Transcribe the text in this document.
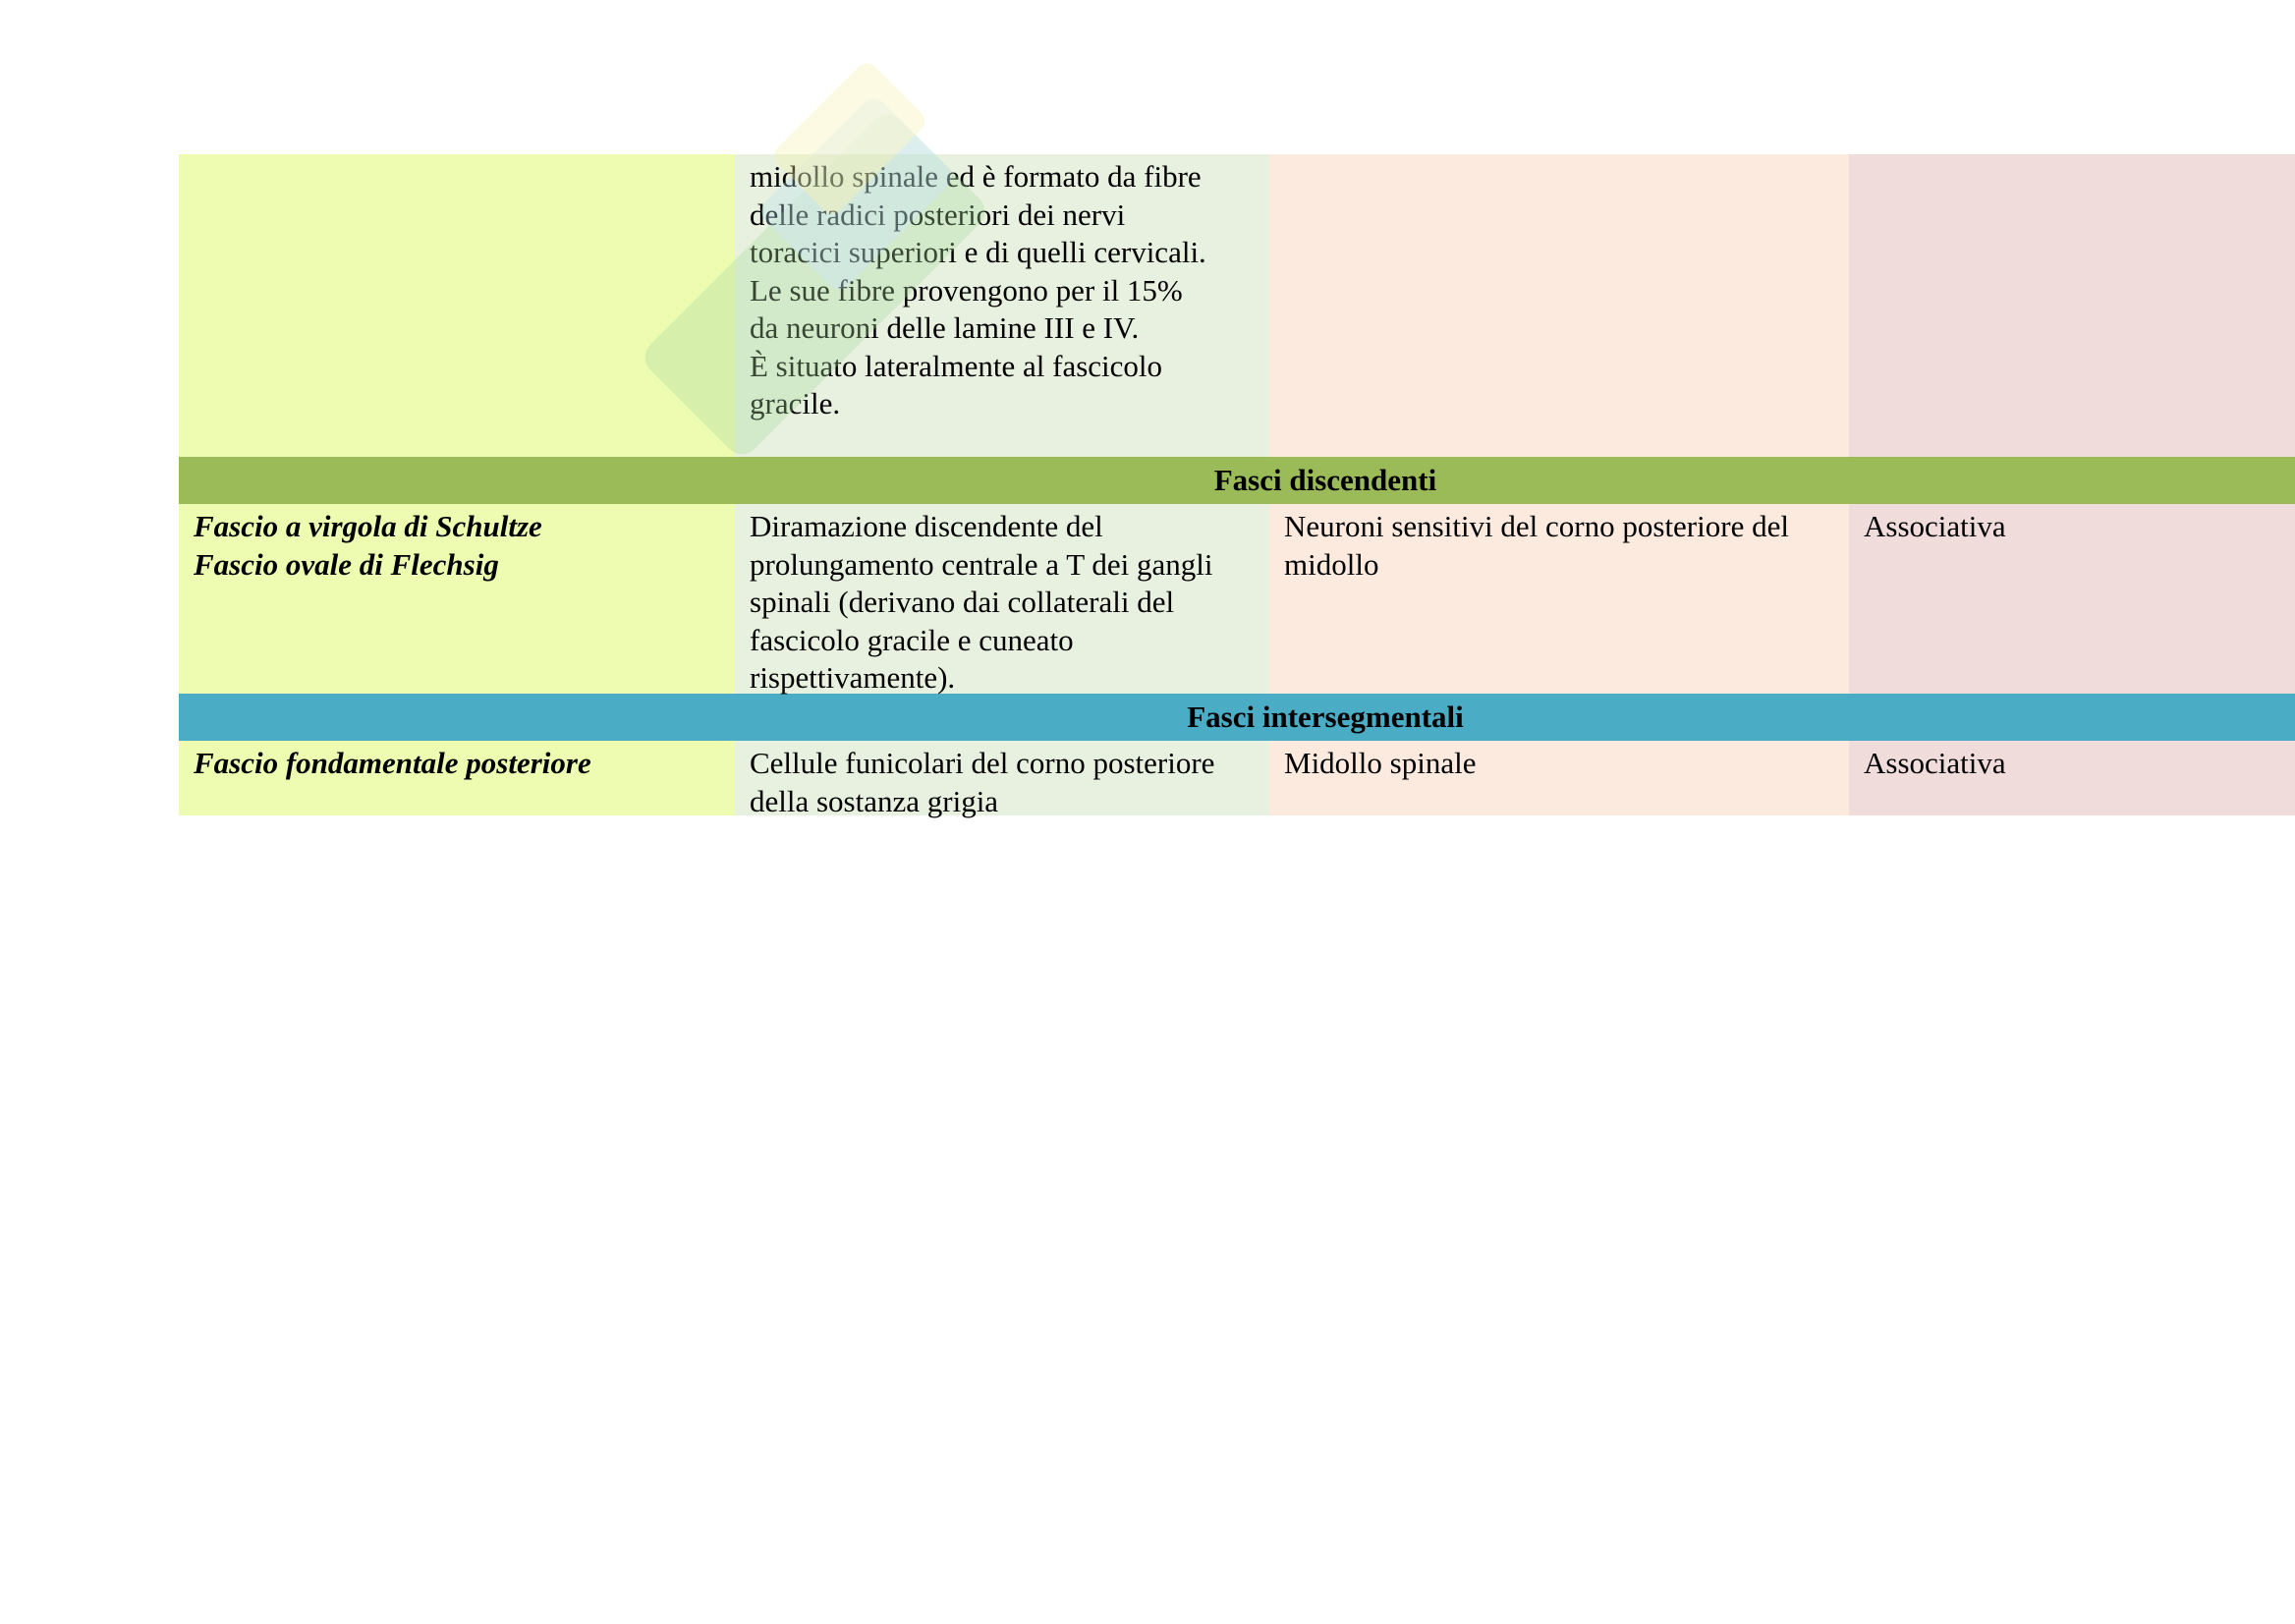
midollo spinale ed è formato da fibre

delle radici posteriori dei nervi

toracici superiori e di quelli cervicali.

Le sue fibre provengono per il 15%

da neuroni delle lamine III e IV.

È situato lateralmente al fascicolo

gracile.

Fasci discendenti

Fascio a virgola di Schultze

Fascio ovale di Flechsig

Diramazione discendente del

prolungamento centrale a T dei gangli

spinali (derivano dai collaterali del

fascicolo gracile e cuneato

rispettivamente).

Neuroni sensitivi del corno posteriore del

midollo

Associativa

Fasci intersegmentali

Fascio fondamentale posteriore	Cellule funicolari del corno posteriore

della sostanza grigia

Midollo spinale	Associativa
